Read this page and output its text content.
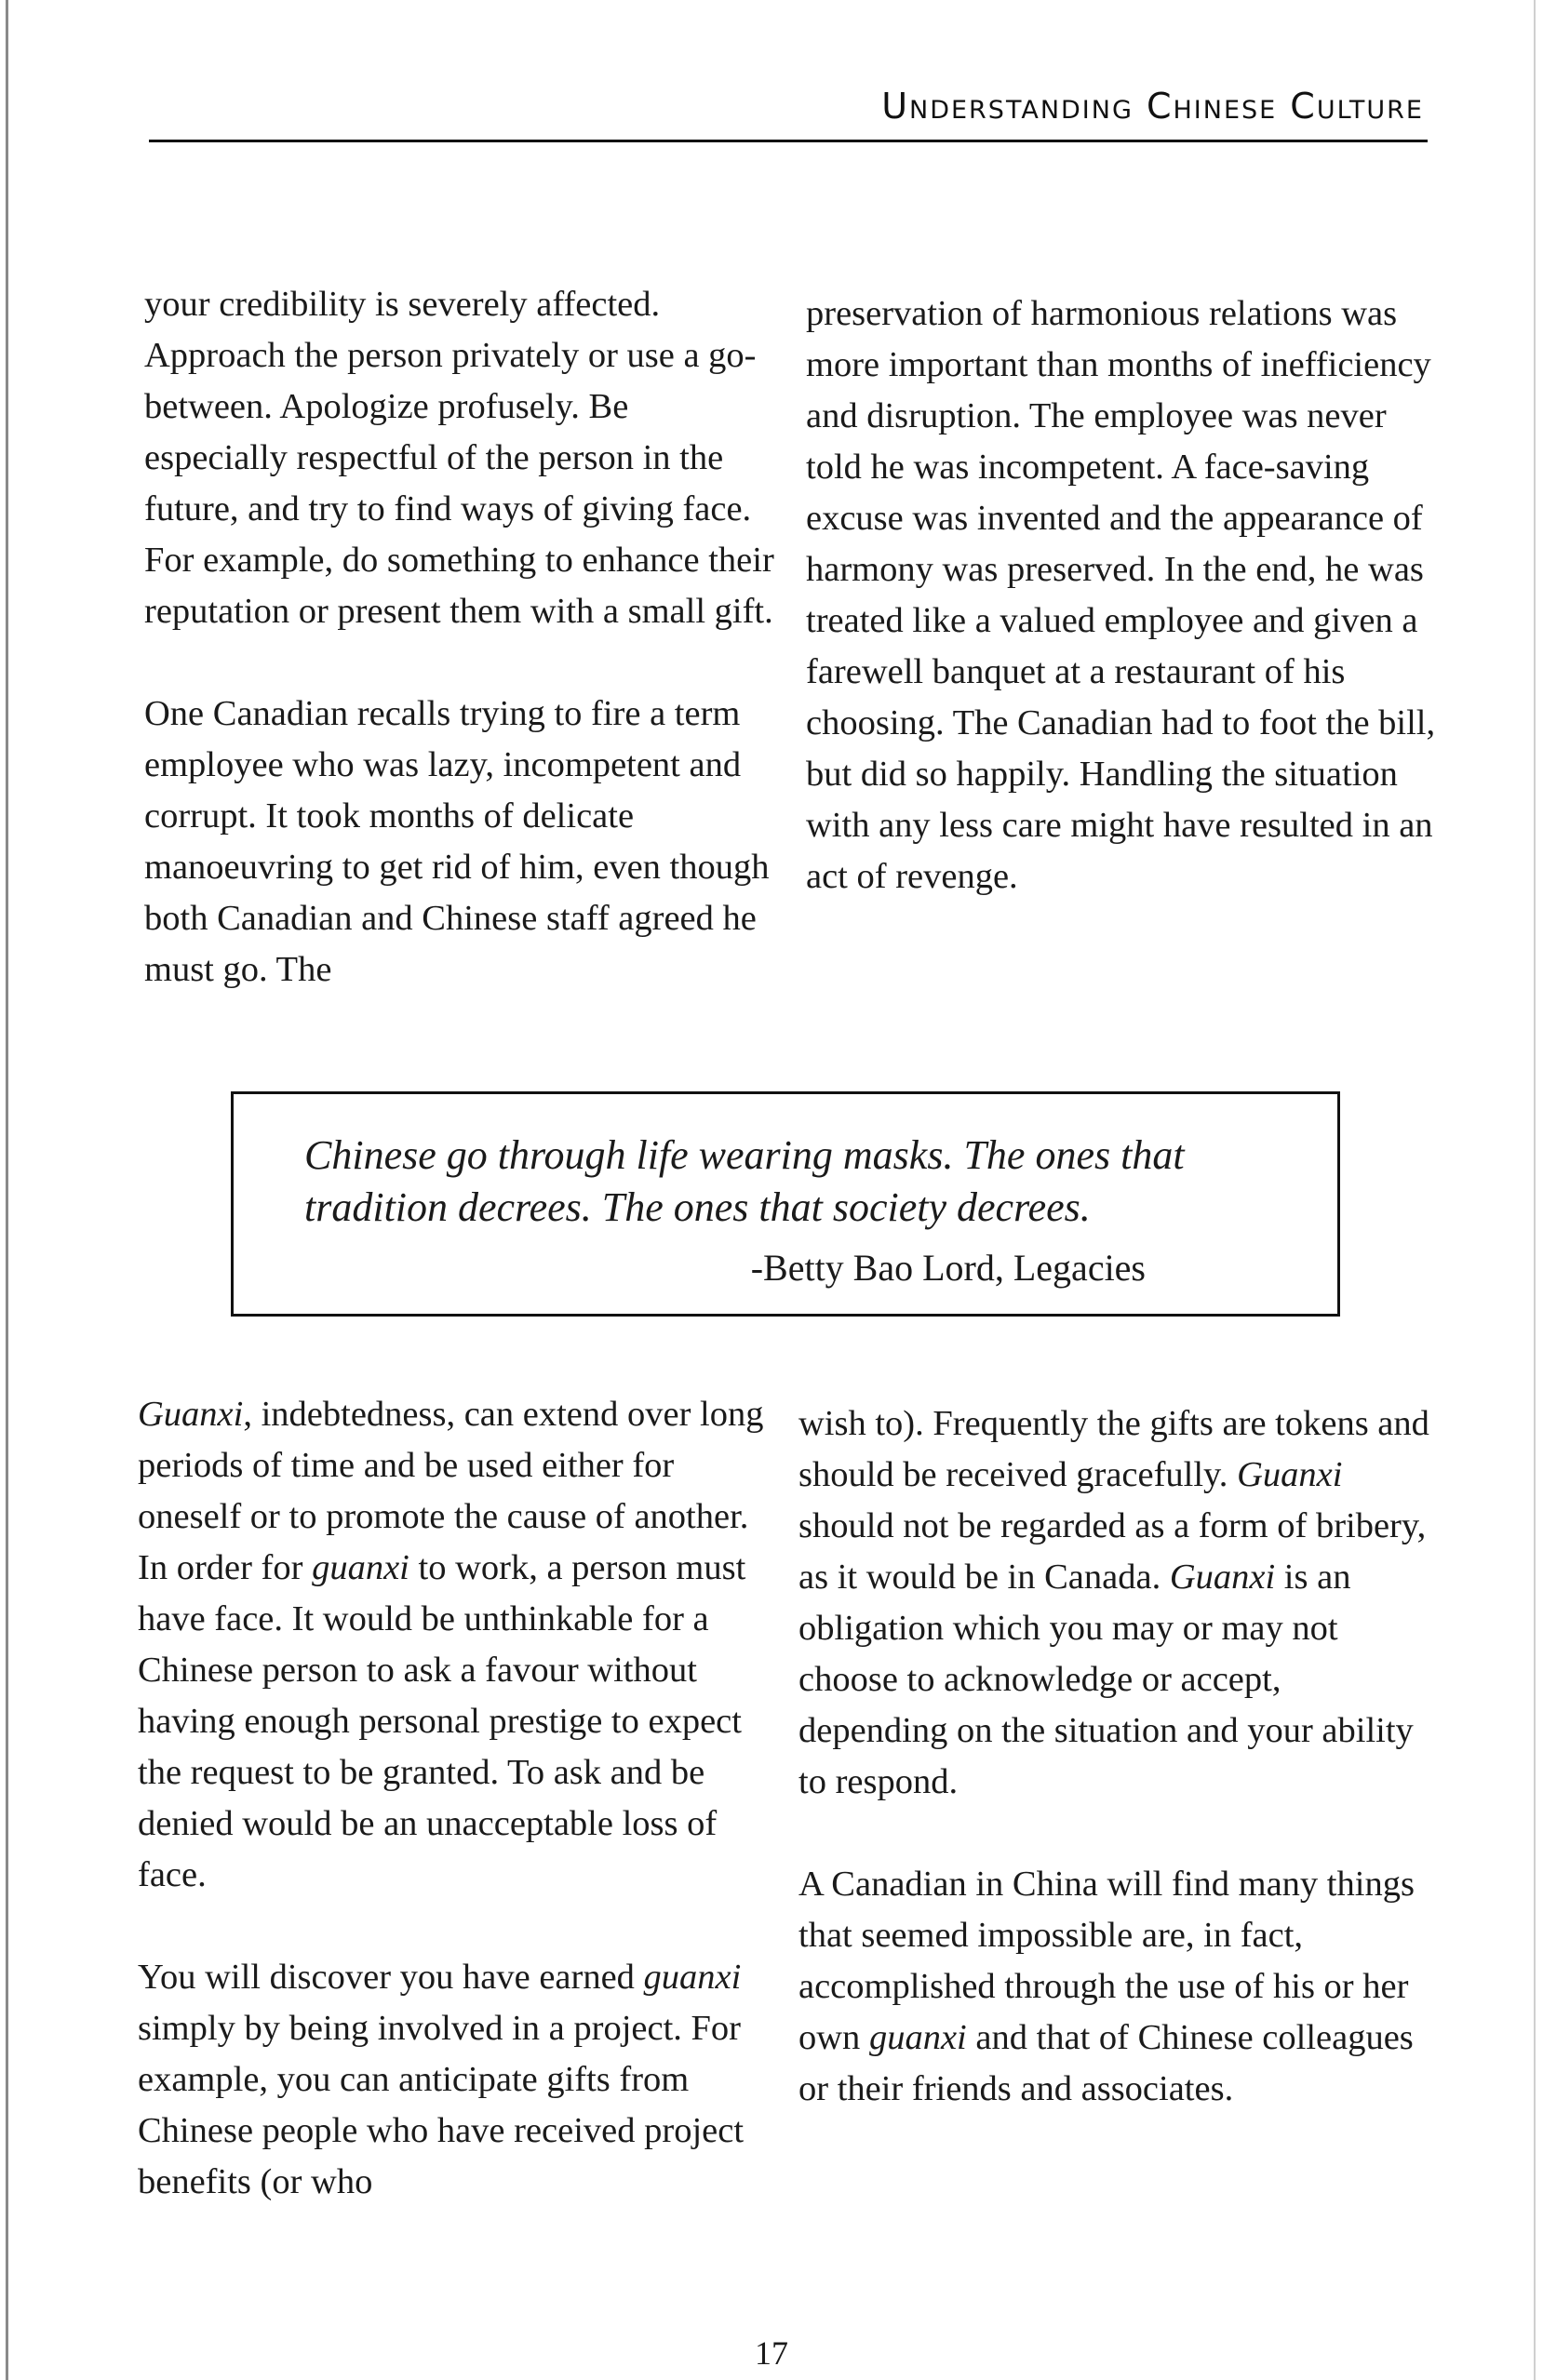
Understanding Chinese Culture

your credibility is severely affected. Approach the person privately or use a go-between. Apologize profusely. Be especially respectful of the person in the future, and try to find ways of giving face. For example, do something to enhance their reputation or present them with a small gift.

One Canadian recalls trying to fire a term employee who was lazy, incompetent and corrupt. It took months of delicate manoeuvring to get rid of him, even though both Canadian and Chinese staff agreed he must go. The

preservation of harmonious relations was more important than months of inefficiency and disruption. The employee was never told he was incompetent. A face-saving excuse was invented and the appearance of harmony was preserved. In the end, he was treated like a valued employee and given a farewell banquet at a restaurant of his choosing. The Canadian had to foot the bill, but did so happily. Handling the situation with any less care might have resulted in an act of revenge.

Chinese go through life wearing masks. The ones that tradition decrees. The ones that society decrees.
-Betty Bao Lord, Legacies

Guanxi, indebtedness, can extend over long periods of time and be used either for oneself or to promote the cause of another. In order for guanxi to work, a person must have face. It would be unthinkable for a Chinese person to ask a favour without having enough personal prestige to expect the request to be granted. To ask and be denied would be an unacceptable loss of face.

You will discover you have earned guanxi simply by being involved in a project. For example, you can anticipate gifts from Chinese people who have received project benefits (or who

wish to). Frequently the gifts are tokens and should be received gracefully. Guanxi should not be regarded as a form of bribery, as it would be in Canada. Guanxi is an obligation which you may or may not choose to acknowledge or accept, depending on the situation and your ability to respond.

A Canadian in China will find many things that seemed impossible are, in fact, accomplished through the use of his or her own guanxi and that of Chinese colleagues or their friends and associates.

17
